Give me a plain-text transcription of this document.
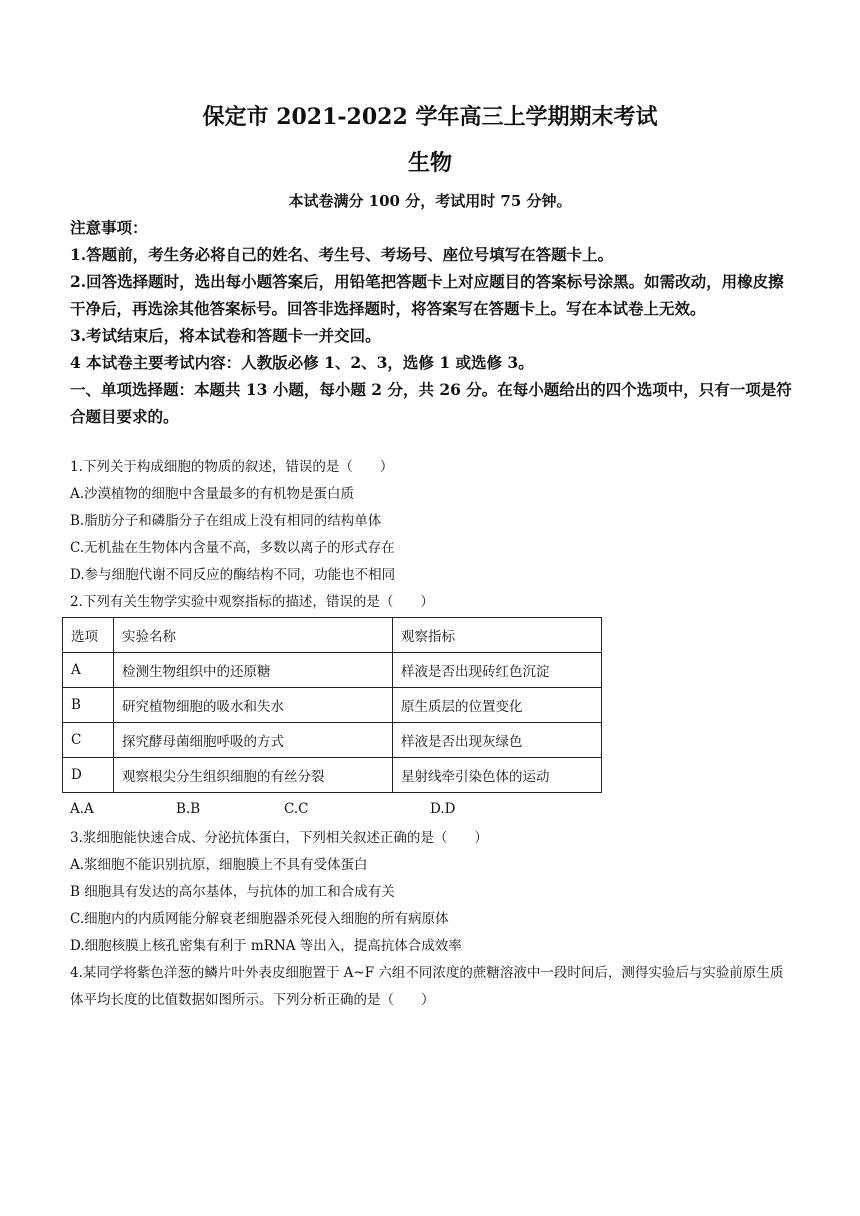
保定市 2021-2022 学年高三上学期期末考试
生物
本试卷满分 100 分，考试用时 75 分钟。

注意事项：

1.答题前，考生务必将自己的姓名、考生号、考场号、座位号填写在答题卡上。

2.回答选择题时，选出每小题答案后，用铅笔把答题卡上对应题目的答案标号涂黑。如需改动，用橡皮擦干净后，再选涂其他答案标号。回答非选择题时，将答案写在答题卡上。写在本试卷上无效。

3.考试结束后，将本试卷和答题卡一并交回。

4 本试卷主要考试内容：人教版必修 1、2、3，选修 1 或选修 3。

一、单项选择题：本题共 13 小题，每小题 2 分，共 26 分。在每小题给出的四个选项中，只有一项是符合题目要求的。

1.下列关于构成细胞的物质的叙述，错误的是（　　）

A.沙漠植物的细胞中含量最多的有机物是蛋白质

B.脂肪分子和磷脂分子在组成上没有相同的结构单体

C.无机盐在生物体内含量不高，多数以离子的形式存在

D.参与细胞代谢不同反应的酶结构不同，功能也不相同

2.下列有关生物学实验中观察指标的描述，错误的是（　　）

选项	实验名称	观察指标
A	检测生物组织中的还原糖	样液是否出现砖红色沉淀
B	研究植物细胞的吸水和失水	原生质层的位置变化
C	探究酵母菌细胞呼吸的方式	样液是否出现灰绿色
D	观察根尖分生组织细胞的有丝分裂	星射线牵引染色体的运动
A.A	B.B	C.C	D.D

3.浆细胞能快速合成、分泌抗体蛋白，下列相关叙述正确的是（　　）

A.浆细胞不能识别抗原，细胞膜上不具有受体蛋白

B 细胞具有发达的高尔基体，与抗体的加工和合成有关

C.细胞内的内质网能分解衰老细胞器杀死侵入细胞的所有病原体

D.细胞核膜上核孔密集有利于 mRNA 等出入，提高抗体合成效率

4.某同学将紫色洋葱的鳞片叶外表皮细胞置于 A~F 六组不同浓度的蔗糖溶液中一段时间后，测得实验后与实验前原生质体平均长度的比值数据如图所示。下列分析正确的是（　　）
